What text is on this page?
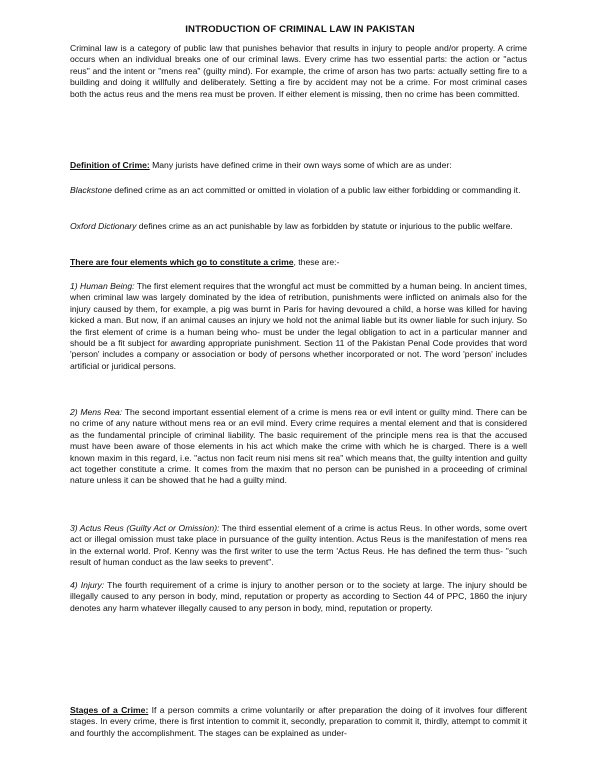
INTRODUCTION OF CRIMINAL LAW IN PAKISTAN

Criminal law is a category of public law that punishes behavior that results in injury to people and/or property. A crime occurs when an individual breaks one of our criminal laws. Every crime has two essential parts: the action or "actus reus" and the intent or "mens rea" (guilty mind). For example, the crime of arson has two parts: actually setting fire to a building and doing it willfully and deliberately. Setting a fire by accident may not be a crime. For most criminal cases both the actus reus and the mens rea must be proven. If either element is missing, then no crime has been committed.

Definition of Crime: Many jurists have defined crime in their own ways some of which are as under:

Blackstone defined crime as an act committed or omitted in violation of a public law either forbidding or commanding it.

Oxford Dictionary defines crime as an act punishable by law as forbidden by statute or injurious to the public welfare.

There are four elements which go to constitute a crime, these are:-

1) Human Being: The first element requires that the wrongful act must be committed by a human being. In ancient times, when criminal law was largely dominated by the idea of retribution, punishments were inflicted on animals also for the injury caused by them, for example, a pig was burnt in Paris for having devoured a child, a horse was killed for having kicked a man. But now, if an animal causes an injury we hold not the animal liable but its owner liable for such injury. So the first element of crime is a human being who- must be under the legal obligation to act in a particular manner and should be a fit subject for awarding appropriate punishment. Section 11 of the Pakistan Penal Code provides that word 'person' includes a company or association or body of persons whether incorporated or not. The word 'person' includes artificial or juridical persons.

2) Mens Rea: The second important essential element of a crime is mens rea or evil intent or guilty mind. There can be no crime of any nature without mens rea or an evil mind. Every crime requires a mental element and that is considered as the fundamental principle of criminal liability. The basic requirement of the principle mens rea is that the accused must have been aware of those elements in his act which make the crime with which he is charged. There is a well known maxim in this regard, i.e. "actus non facit reum nisi mens sit rea" which means that, the guilty intention and guilty act together constitute a crime. It comes from the maxim that no person can be punished in a proceeding of criminal nature unless it can be showed that he had a guilty mind.

3) Actus Reus (Guilty Act or Omission): The third essential element of a crime is actus Reus. In other words, some overt act or illegal omission must take place in pursuance of the guilty intention. Actus Reus is the manifestation of mens rea in the external world. Prof. Kenny was the first writer to use the term 'Actus Reus. He has defined the term thus- "such result of human conduct as the law seeks to prevent".

4) Injury: The fourth requirement of a crime is injury to another person or to the society at large. The injury should be illegally caused to any person in body, mind, reputation or property as according to Section 44 of PPC, 1860 the injury denotes any harm whatever illegally caused to any person in body, mind, reputation or property.

Stages of a Crime: If a person commits a crime voluntarily or after preparation the doing of it involves four different stages. In every crime, there is first intention to commit it, secondly, preparation to commit it, thirdly, attempt to commit it and fourthly the accomplishment. The stages can be explained as under-
